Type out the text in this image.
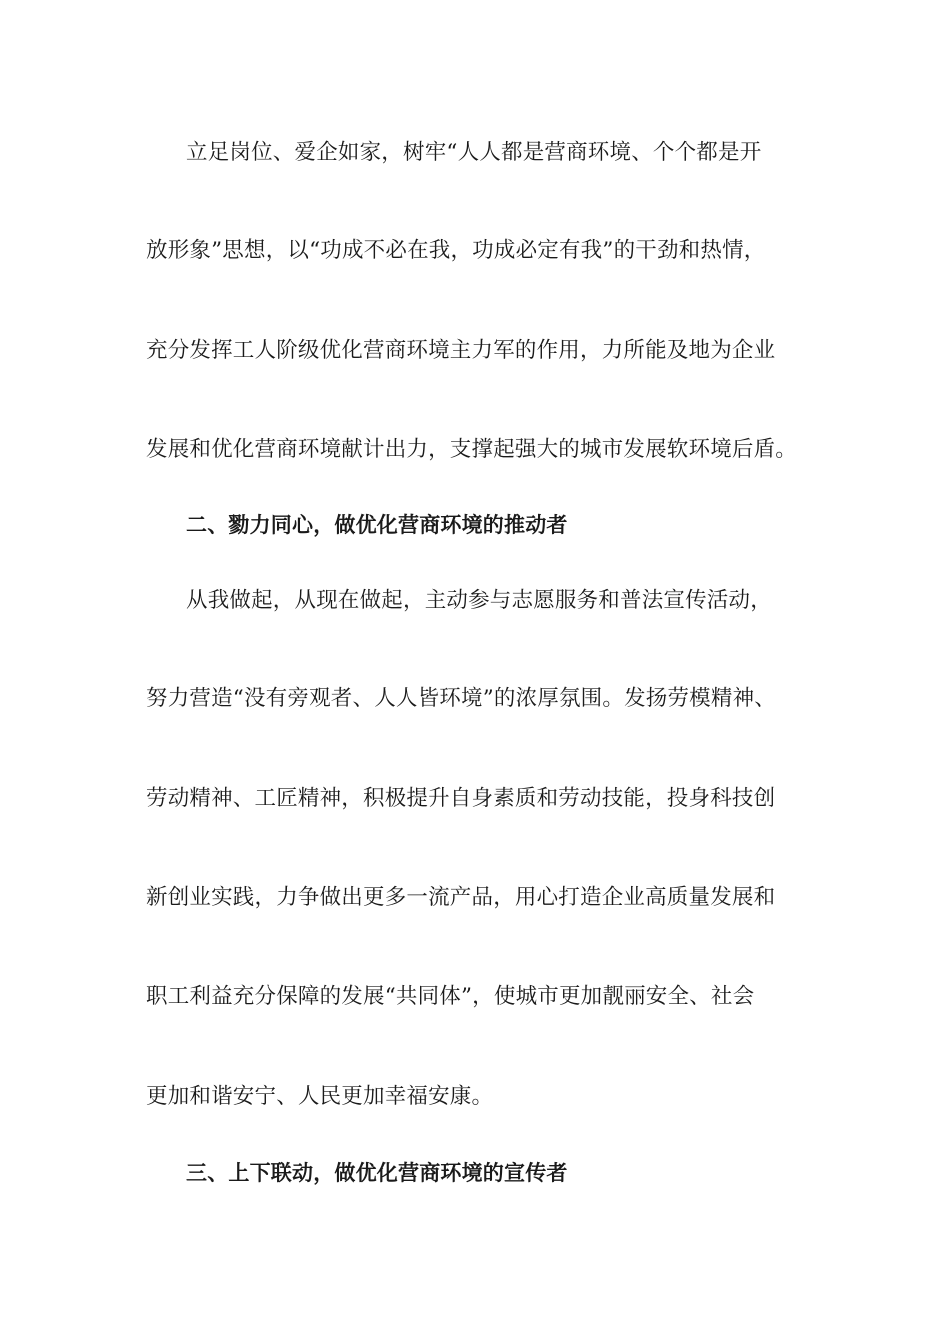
立足岗位、爱企如家，树牢“人人都是营商环境、个个都是开
放形象”思想，以“功成不必在我，功成必定有我”的干劲和热情，
充分发挥工人阶级优化营商环境主力军的作用，力所能及地为企业
发展和优化营商环境献计出力，支撑起强大的城市发展软环境后盾。
二、勠力同心，做优化营商环境的推动者
从我做起，从现在做起，主动参与志愿服务和普法宣传活动，
努力营造“没有旁观者、人人皆环境”的浓厚氛围。发扬劳模精神、
劳动精神、工匠精神，积极提升自身素质和劳动技能，投身科技创
新创业实践，力争做出更多一流产品，用心打造企业高质量发展和
职工利益充分保障的发展“共同体”，使城市更加靓丽安全、社会
更加和谐安宁、人民更加幸福安康。
三、上下联动，做优化营商环境的宣传者
